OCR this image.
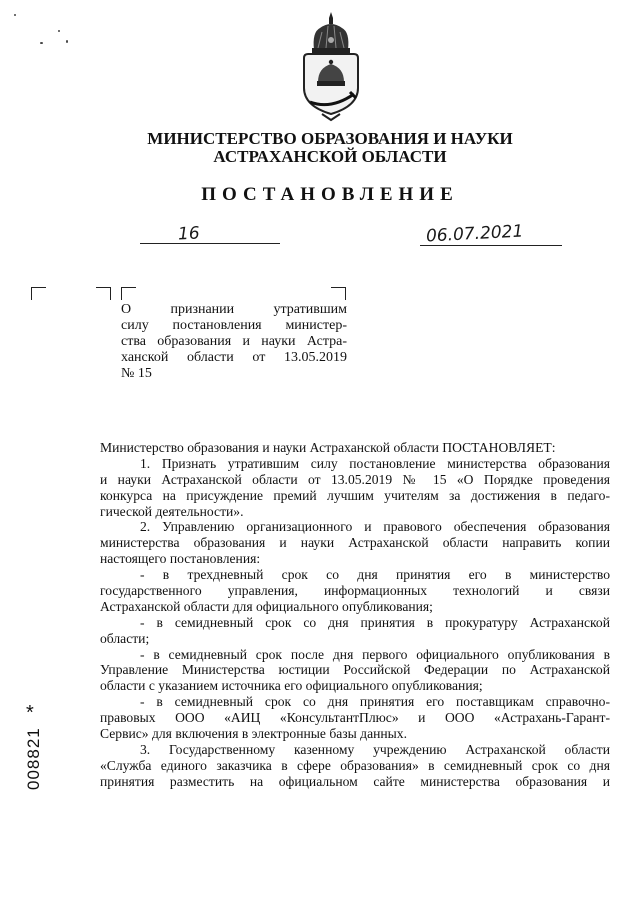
МИНИСТЕРСТВО ОБРАЗОВАНИЯ И НАУКИ
АСТРАХАНСКОЙ ОБЛАСТИ
ПОСТАНОВЛЕНИЕ
16	06.07.2021
О признании утратившим
силу постановления министер-
ства образования и науки Астра-
ханской области от 13.05.2019
№ 15
Министерство образования и науки Астраханской области ПОСТАНОВЛЯЕТ:
1. Признать утратившим силу постановление министерства образования
и науки Астраханской области от 13.05.2019 № 15 «О Порядке проведения
конкурса на присуждение премий лучшим учителям за достижения в педаго-
гической деятельности».
2. Управлению организационного и правового обеспечения образования
министерства образования и науки Астраханской области направить копии
настоящего постановления:
- в трехдневный срок со дня принятия его в министерство
государственного управления, информационных технологий и связи
Астраханской области для официального опубликования;
- в семидневный срок со дня принятия в прокуратуру Астраханской
области;
- в семидневный срок после дня первого официального опубликования в
Управление Министерства юстиции Российской Федерации по Астраханской
области с указанием источника его официального опубликования;
- в семидневный срок со дня принятия его поставщикам справочно-
правовых ООО «АИЦ «КонсультантПлюс» и ООО «Астрахань-Гарант-
Сервис» для включения в электронные базы данных.
3. Государственному казенному учреждению Астраханской области
«Служба единого заказчика в сфере образования» в семидневный срок со дня
принятия разместить на официальном сайте министерства образования и
*
008821
